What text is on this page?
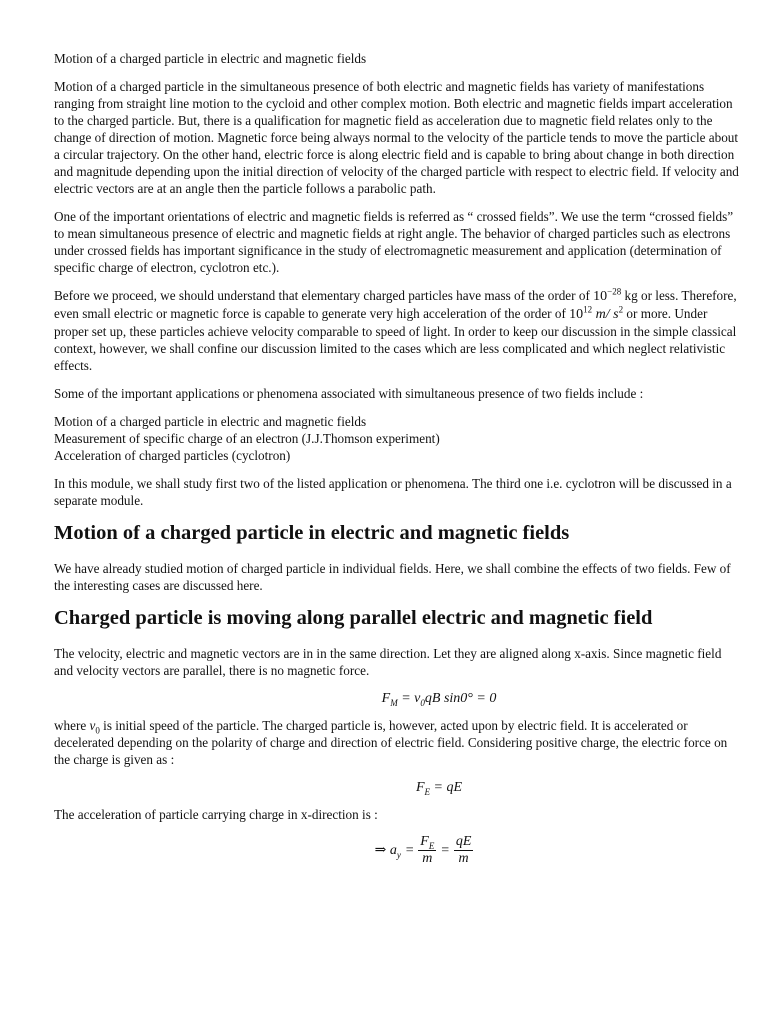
Motion of a charged particle in electric and magnetic fields

Motion of a charged particle in the simultaneous presence of both electric and magnetic fields has variety of manifestations ranging from straight line motion to the cycloid and other complex motion. Both electric and magnetic fields impart acceleration to the charged particle. But, there is a qualification for magnetic field as acceleration due to magnetic field relates only to the change of direction of motion. Magnetic force being always normal to the velocity of the particle tends to move the particle about a circular trajectory. On the other hand, electric force is along electric field and is capable to bring about change in both direction and magnitude depending upon the initial direction of velocity of the charged particle with respect to electric field. If velocity and electric vectors are at an angle then the particle follows a parabolic path.

One of the important orientations of electric and magnetic fields is referred as “ crossed fields”. We use the term “crossed fields” to mean simultaneous presence of electric and magnetic fields at right angle. The behavior of charged particles such as electrons under crossed fields has important significance in the study of electromagnetic measurement and application (determination of specific charge of electron, cyclotron etc.).

Before we proceed, we should understand that elementary charged particles have mass of the order of $10^{-28}$ kg or less. Therefore, even small electric or magnetic force is capable to generate very high acceleration of the order of $10^{12}$ m/ $s^2$ or more. Under proper set up, these particles achieve velocity comparable to speed of light. In order to keep our discussion in the simple classical context, however, we shall confine our discussion limited to the cases which are less complicated and which neglect relativistic effects.

Some of the important applications or phenomena associated with simultaneous presence of two fields include :

Motion of a charged particle in electric and magnetic fields
Measurement of specific charge of an electron (J.J.Thomson experiment)
Acceleration of charged particles (cyclotron)

In this module, we shall study first two of the listed application or phenomena. The third one i.e. cyclotron will be discussed in a separate module.

Motion of a charged particle in electric and magnetic fields

We have already studied motion of charged particle in individual fields. Here, we shall combine the effects of two fields. Few of the interesting cases are discussed here.

Charged particle is moving along parallel electric and magnetic field

The velocity, electric and magnetic vectors are in in the same direction. Let they are aligned along x-axis. Since magnetic field and velocity vectors are parallel, there is no magnetic force.

$F_M = v_0qB$ sin0° = 0

where $v_0$ is initial speed of the particle. The charged particle is, however, acted upon by electric field. It is accelerated or decelerated depending on the polarity of charge and direction of electric field. Considering positive charge, the electric force on the charge is given as :

$F_E$ = qE

The acceleration of particle carrying charge in x-direction is :

⇒ $a_y = \frac{F_E}{m} = \frac{qE}{m}$
